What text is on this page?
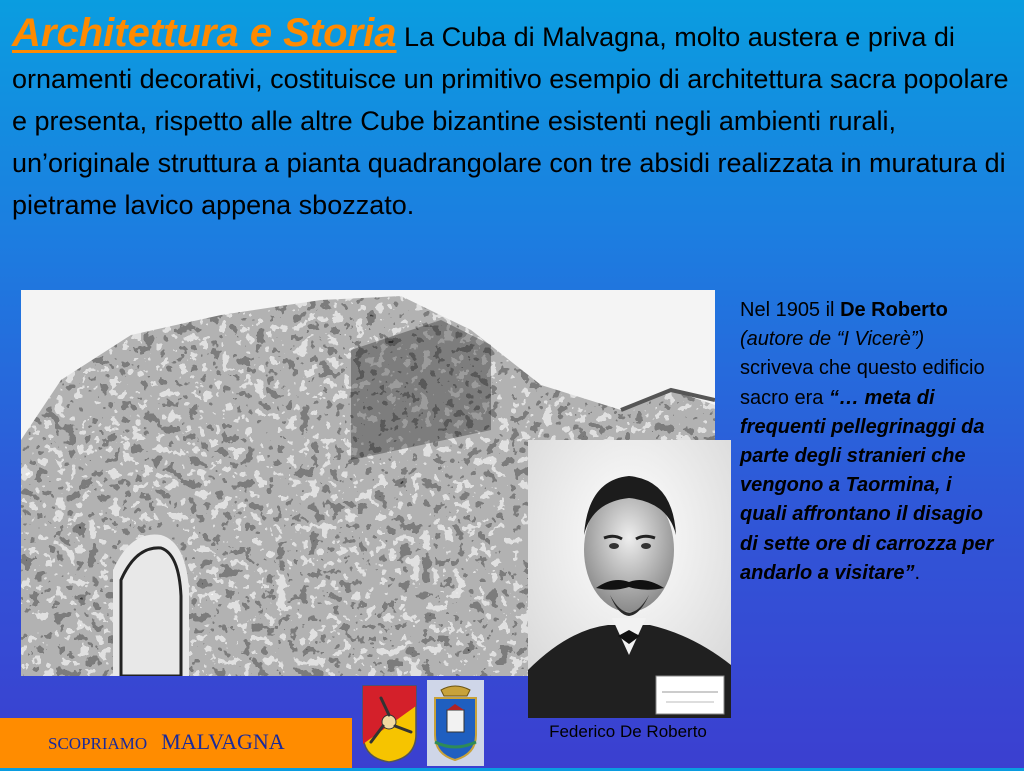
Architettura e Storia La Cuba di Malvagna, molto austera e priva di ornamenti decorativi, costituisce un primitivo esempio di architettura sacra popolare e presenta, rispetto alle altre Cube bizantine esistenti negli ambienti rurali, un’originale struttura a pianta quadrangolare con tre absidi realizzata in muratura di pietrame lavico appena sbozzato.

Federico De Roberto

Nel 1905 il De Roberto (autore de “I Vicerè”) scriveva che questo edificio sacro era “… meta di frequenti pellegrinaggi da parte degli stranieri che vengono a Taormina, i quali affrontano il disagio di sette ore di carrozza per andarlo a visitare”.

SCOPRIAMO MALVAGNA
